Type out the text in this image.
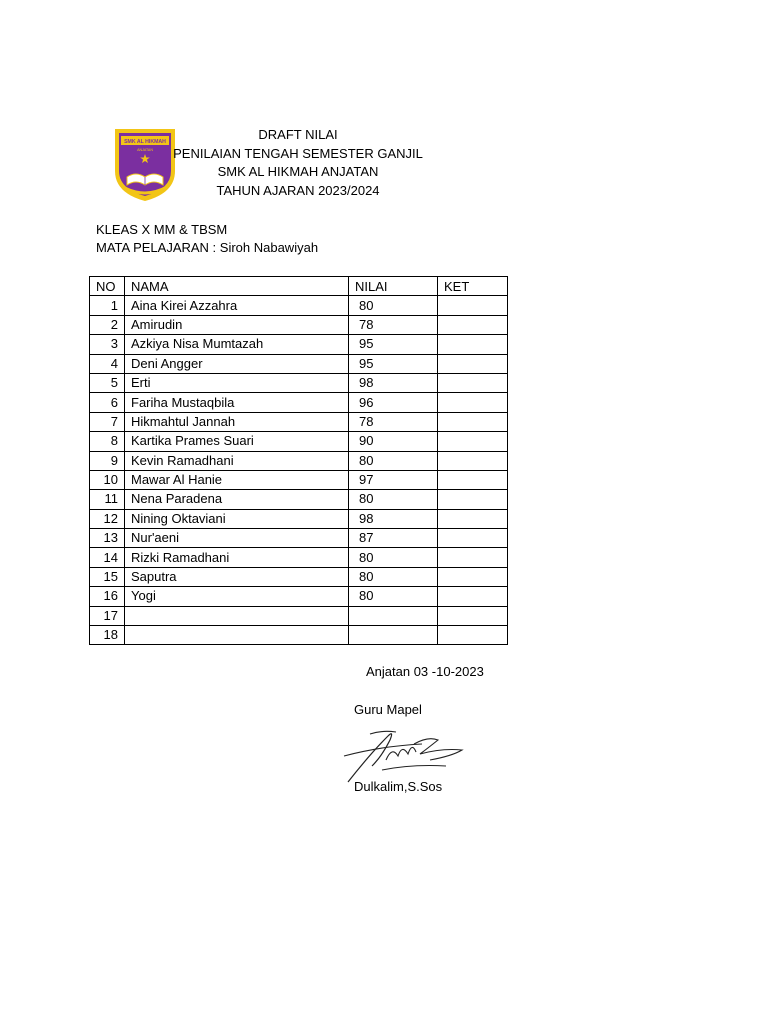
SMK AL HIKMAH
ANJATAN
DRAFT NILAI
PENILAIAN TENGAH SEMESTER GANJIL
SMK AL HIKMAH ANJATAN
TAHUN AJARAN 2023/2024
KLEAS X MM & TBSM
MATA PELAJARAN : Siroh Nabawiyah
NO	NAMA	NILAI	KET
1	Aina Kirei Azzahra	80	
2	Amirudin	78	
3	Azkiya Nisa Mumtazah	95	
4	Deni Angger	95	
5	Erti	98	
6	Fariha Mustaqbila	96	
7	Hikmahtul Jannah	78	
8	Kartika Prames Suari	90	
9	Kevin Ramadhani	80	
10	Mawar Al Hanie	97	
11	Nena Paradena	80	
12	Nining Oktaviani	98	
13	Nur'aeni	87	
14	Rizki Ramadhani	80	
15	Saputra	80	
16	Yogi	80	
17			
18			
Anjatan 03 -10-2023
Guru Mapel
Dulkalim,S.Sos
